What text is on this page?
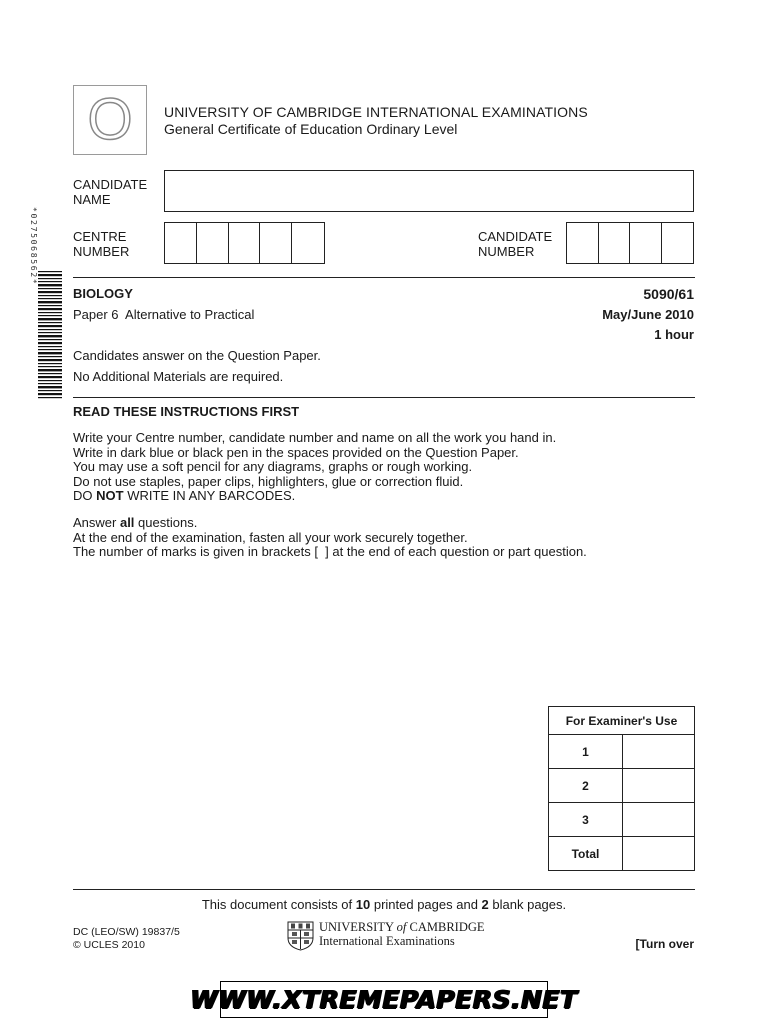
O	UNIVERSITY OF CAMBRIDGE INTERNATIONAL EXAMINATIONS
General Certificate of Education Ordinary Level
CANDIDATE
NAME
CENTRE
NUMBER
CANDIDATE
NUMBER
*0275068562*
BIOLOGY	5090/61
Paper 6  Alternative to Practical	May/June 2010
1 hour
Candidates answer on the Question Paper.
No Additional Materials are required.
READ THESE INSTRUCTIONS FIRST
Write your Centre number, candidate number and name on all the work you hand in.
Write in dark blue or black pen in the spaces provided on the Question Paper.
You may use a soft pencil for any diagrams, graphs or rough working.
Do not use staples, paper clips, highlighters, glue or correction fluid.
DO NOT WRITE IN ANY BARCODES.
Answer all questions.
At the end of the examination, fasten all your work securely together.
The number of marks is given in brackets [  ] at the end of each question or part question.
For Examiner's Use	
1	
2	
3	
Total	
This document consists of 10 printed pages and 2 blank pages.
DC (LEO/SW) 19837/5
© UCLES 2010
UNIVERSITY of CAMBRIDGE
International Examinations	[Turn over
WWW.XTREMEPAPERS.NET
